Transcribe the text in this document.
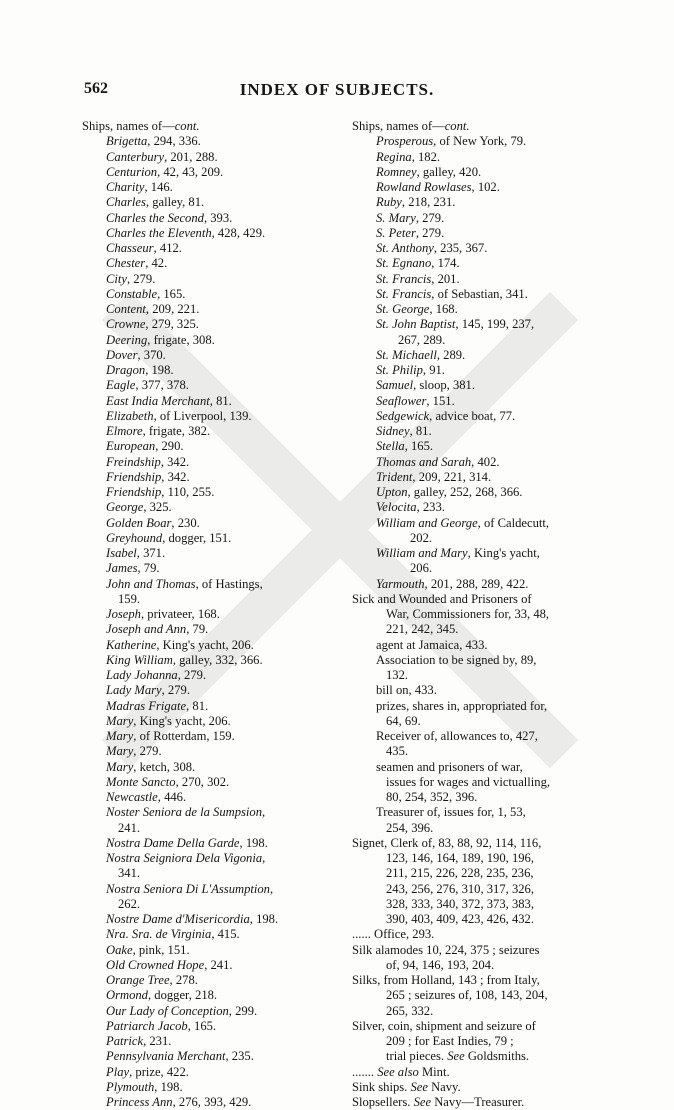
562	INDEX OF SUBJECTS.
Ships, names of—cont.
Brigetta, 294, 336.
Canterbury, 201, 288.
Centurion, 42, 43, 209.
Charity, 146.
Charles, galley, 81.
Charles the Second, 393.
Charles the Eleventh, 428, 429.
Chasseur, 412.
Chester, 42.
City, 279.
Constable, 165.
Content, 209, 221.
Crowne, 279, 325.
Deering, frigate, 308.
Dover, 370.
Dragon, 198.
Eagle, 377, 378.
East India Merchant, 81.
Elizabeth, of Liverpool, 139.
Elmore, frigate, 382.
European, 290.
Freindship, 342.
Friendship, 342.
Friendship, 110, 255.
George, 325.
Golden Boar, 230.
Greyhound, dogger, 151.
Isabel, 371.
James, 79.
John and Thomas, of Hastings,
159.
Joseph, privateer, 168.
Joseph and Ann, 79.
Katherine, King's yacht, 206.
King William, galley, 332, 366.
Lady Johanna, 279.
Lady Mary, 279.
Madras Frigate, 81.
Mary, King's yacht, 206.
Mary, of Rotterdam, 159.
Mary, 279.
Mary, ketch, 308.
Monte Sancto, 270, 302.
Newcastle, 446.
Noster Seniora de la Sumpsion,
241.
Nostra Dame Della Garde, 198.
Nostra Seigniora Dela Vigonia,
341.
Nostra Seniora Di L'Assumption,
262.
Nostre Dame d'Misericordia, 198.
Nra. Sra. de Virginia, 415.
Oake, pink, 151.
Old Crowned Hope, 241.
Orange Tree, 278.
Ormond, dogger, 218.
Our Lady of Conception, 299.
Patriarch Jacob, 165.
Patrick, 231.
Pennsylvania Merchant, 235.
Play, prize, 422.
Plymouth, 198.
Princess Ann, 276, 393, 429.
Ships, names of—cont.
Prosperous, of New York, 79.
Regina, 182.
Romney, galley, 420.
Rowland Rowlases, 102.
Ruby, 218, 231.
S. Mary, 279.
S. Peter, 279.
St. Anthony, 235, 367.
St. Egnano, 174.
St. Francis, 201.
St. Francis, of Sebastian, 341.
St. George, 168.
St. John Baptist, 145, 199, 237,
267, 289.
St. Michaell, 289.
St. Philip, 91.
Samuel, sloop, 381.
Seaflower, 151.
Sedgewick, advice boat, 77.
Sidney, 81.
Stella, 165.
Thomas and Sarah, 402.
Trident, 209, 221, 314.
Upton, galley, 252, 268, 366.
Velocita, 233.
William and George, of Caldecutt,
202.
William and Mary, King's yacht,
206.
Yarmouth, 201, 288, 289, 422.
Sick and Wounded and Prisoners of
War, Commissioners for, 33, 48,
221, 242, 345.
agent at Jamaica, 433.
Association to be signed by, 89,
132.
bill on, 433.
prizes, shares in, appropriated for,
64, 69.
Receiver of, allowances to, 427,
435.
seamen and prisoners of war,
issues for wages and victualling,
80, 254, 352, 396.
Treasurer of, issues for, 1, 53,
254, 396.
Signet, Clerk of, 83, 88, 92, 114, 116,
123, 146, 164, 189, 190, 196,
211, 215, 226, 228, 235, 236,
243, 256, 276, 310, 317, 326,
328, 333, 340, 372, 373, 383,
390, 403, 409, 423, 426, 432.
...... Office, 293.
Silk alamodes 10, 224, 375 ; seizures
of, 94, 146, 193, 204.
Silks, from Holland, 143 ; from Italy,
265 ; seizures of, 108, 143, 204,
265, 332.
Silver, coin, shipment and seizure of
209 ; for East Indies, 79 ;
trial pieces. See Goldsmiths.
....... See also Mint.
Sink ships. See Navy.
Slopsellers. See Navy—Treasurer.
